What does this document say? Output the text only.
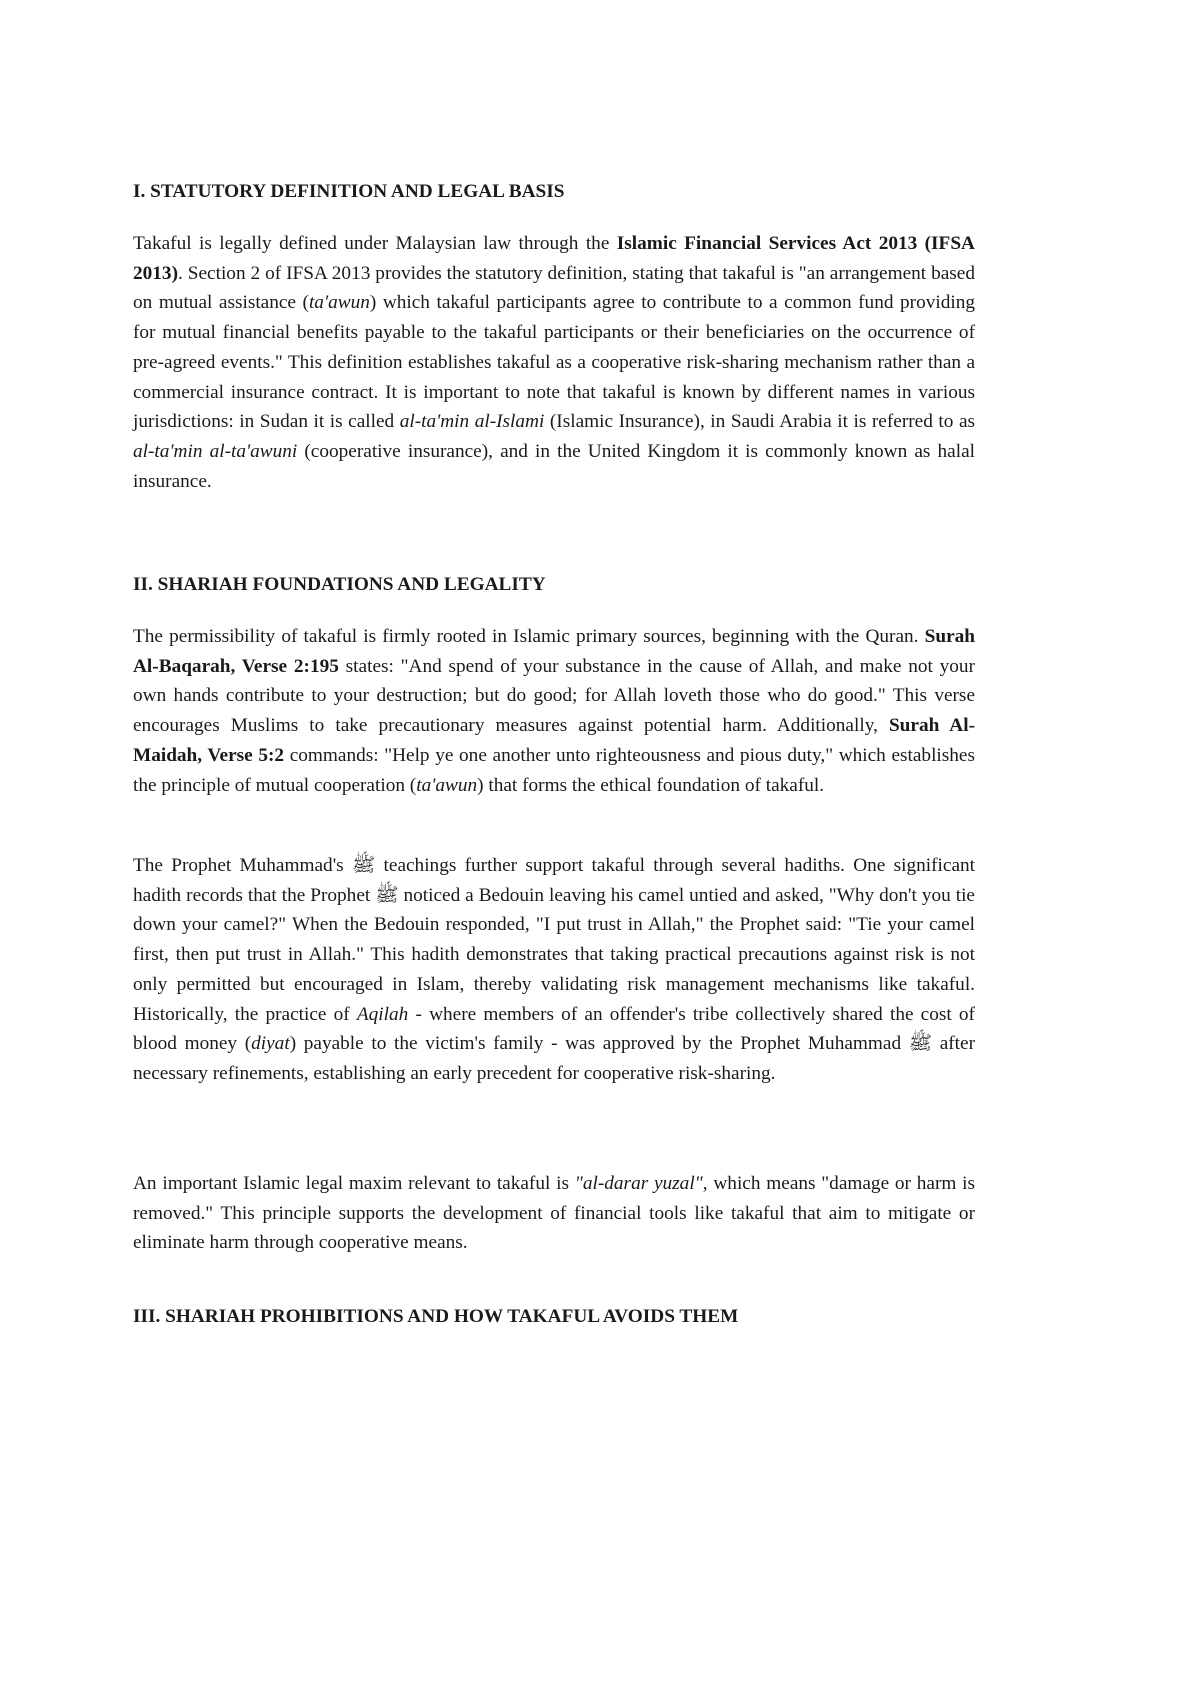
I. STATUTORY DEFINITION AND LEGAL BASIS
Takaful is legally defined under Malaysian law through the Islamic Financial Services Act 2013 (IFSA 2013). Section 2 of IFSA 2013 provides the statutory definition, stating that takaful is "an arrangement based on mutual assistance (ta'awun) which takaful participants agree to contribute to a common fund providing for mutual financial benefits payable to the takaful participants or their beneficiaries on the occurrence of pre-agreed events." This definition establishes takaful as a cooperative risk-sharing mechanism rather than a commercial insurance contract. It is important to note that takaful is known by different names in various jurisdictions: in Sudan it is called al-ta'min al-Islami (Islamic Insurance), in Saudi Arabia it is referred to as al-ta'min al-ta'awuni (cooperative insurance), and in the United Kingdom it is commonly known as halal insurance.
II. SHARIAH FOUNDATIONS AND LEGALITY
The permissibility of takaful is firmly rooted in Islamic primary sources, beginning with the Quran. Surah Al-Baqarah, Verse 2:195 states: "And spend of your substance in the cause of Allah, and make not your own hands contribute to your destruction; but do good; for Allah loveth those who do good." This verse encourages Muslims to take precautionary measures against potential harm. Additionally, Surah Al-Maidah, Verse 5:2 commands: "Help ye one another unto righteousness and pious duty," which establishes the principle of mutual cooperation (ta'awun) that forms the ethical foundation of takaful.
The Prophet Muhammad's ﷺ teachings further support takaful through several hadiths. One significant hadith records that the Prophet ﷺ noticed a Bedouin leaving his camel untied and asked, "Why don't you tie down your camel?" When the Bedouin responded, "I put trust in Allah," the Prophet said: "Tie your camel first, then put trust in Allah." This hadith demonstrates that taking practical precautions against risk is not only permitted but encouraged in Islam, thereby validating risk management mechanisms like takaful. Historically, the practice of Aqilah - where members of an offender's tribe collectively shared the cost of blood money (diyat) payable to the victim's family - was approved by the Prophet Muhammad ﷺ after necessary refinements, establishing an early precedent for cooperative risk-sharing.
An important Islamic legal maxim relevant to takaful is "al-darar yuzal", which means "damage or harm is removed." This principle supports the development of financial tools like takaful that aim to mitigate or eliminate harm through cooperative means.
III. SHARIAH PROHIBITIONS AND HOW TAKAFUL AVOIDS THEM
